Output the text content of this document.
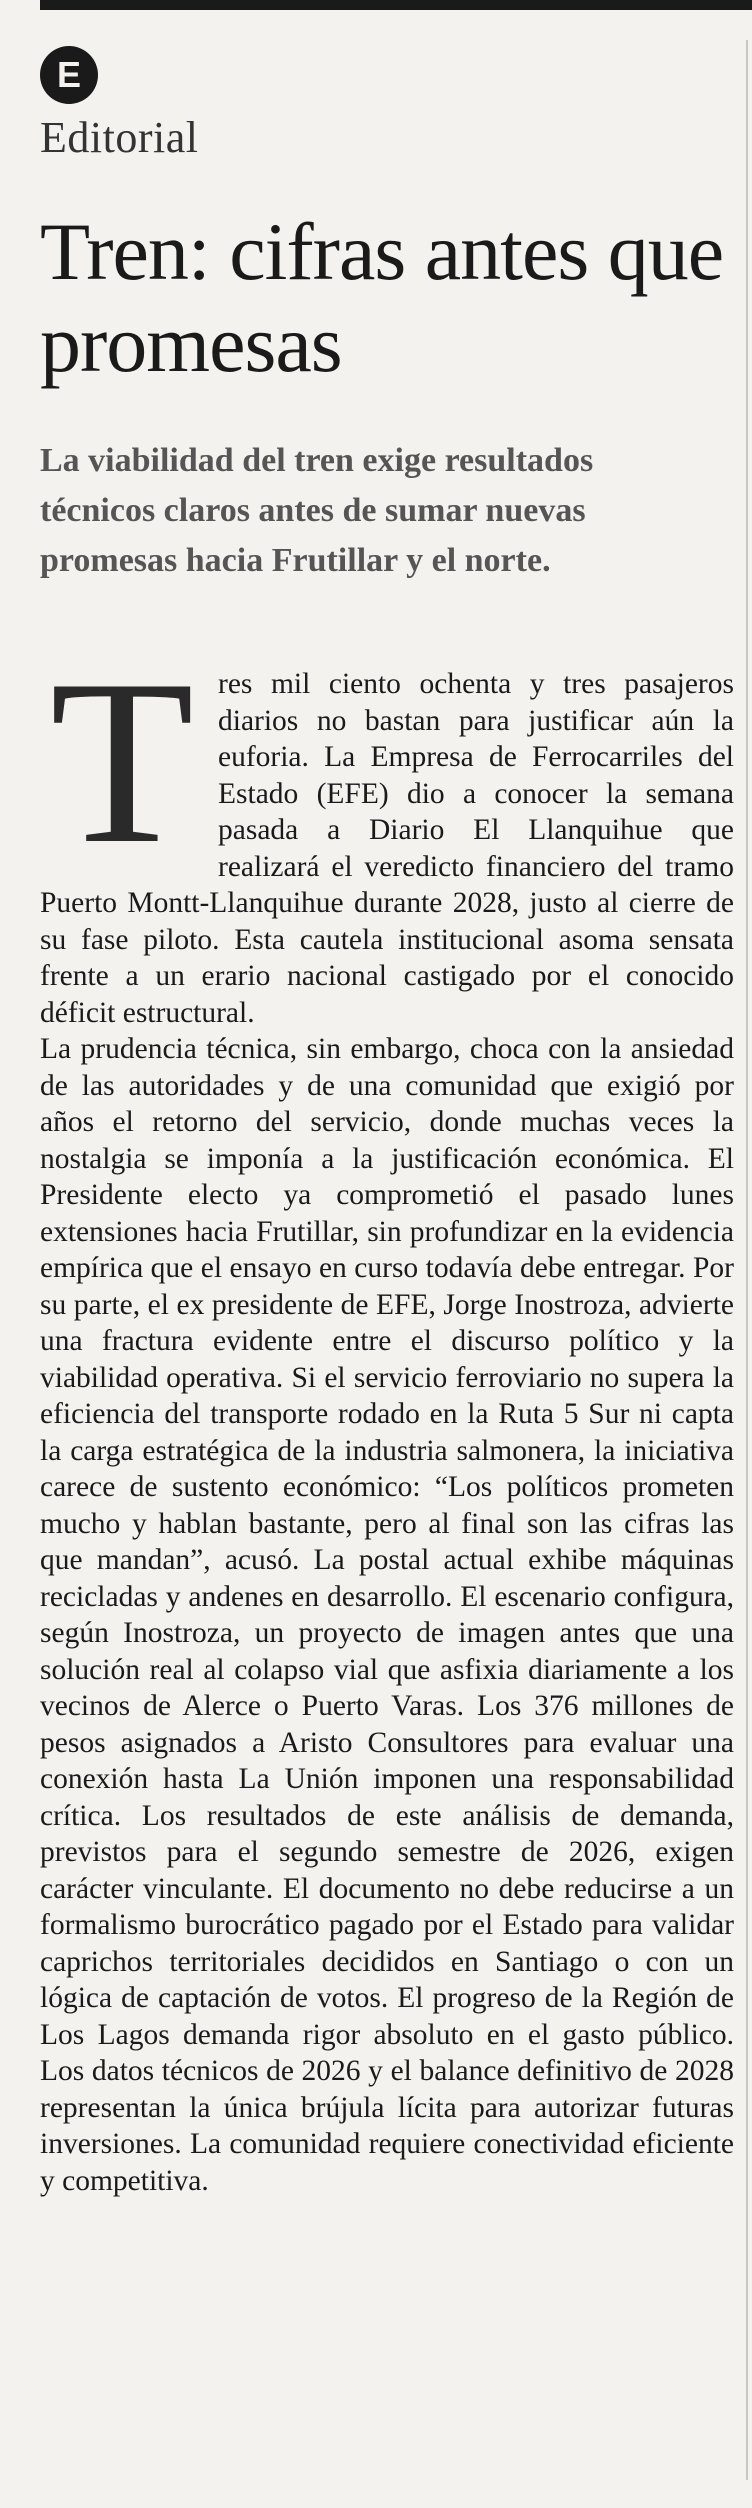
E
Editorial
Tren: cifras antes que promesas
La viabilidad del tren exige resultados técnicos claros antes de sumar nuevas promesas hacia Frutillar y el norte.

Tres mil ciento ochenta y tres pasajeros diarios no bastan para justificar aún la euforia. La Empresa de Ferrocarriles del Estado (EFE) dio a conocer la semana pasada a Diario El Llanquihue que realizará el veredicto financiero del tramo Puerto Montt-Llanquihue durante 2028, justo al cierre de su fase piloto. Esta cautela institucional asoma sensata frente a un erario nacional castigado por el conocido déficit estructural.

La prudencia técnica, sin embargo, choca con la ansiedad de las autoridades y de una comunidad que exigió por años el retorno del servicio, donde muchas veces la nostalgia se imponía a la justificación económica. El Presidente electo ya comprometió el pasado lunes extensiones hacia Frutillar, sin profundizar en la evidencia empírica que el ensayo en curso todavía debe entregar. Por su parte, el ex presidente de EFE, Jorge Inostroza, advierte una fractura evidente entre el discurso político y la viabilidad operativa. Si el servicio ferroviario no supera la eficiencia del transporte rodado en la Ruta 5 Sur ni capta la carga estratégica de la industria salmonera, la iniciativa carece de sustento económico: “Los políticos prometen mucho y hablan bastante, pero al final son las cifras las que mandan”, acusó. La postal actual exhibe máquinas recicladas y andenes en desarrollo. El escenario configura, según Inostroza, un proyecto de imagen antes que una solución real al colapso vial que asfixia diariamente a los vecinos de Alerce o Puerto Varas. Los 376 millones de pesos asignados a Aristo Consultores para evaluar una conexión hasta La Unión imponen una responsabilidad crítica. Los resultados de este análisis de demanda, previstos para el segundo semestre de 2026, exigen carácter vinculante. El documento no debe reducirse a un formalismo burocrático pagado por el Estado para validar caprichos territoriales decididos en Santiago o con un lógica de captación de votos. El progreso de la Región de Los Lagos demanda rigor absoluto en el gasto público. Los datos técnicos de 2026 y el balance definitivo de 2028 representan la única brújula lícita para autorizar futuras inversiones. La comunidad requiere conectividad eficiente y competitiva.
